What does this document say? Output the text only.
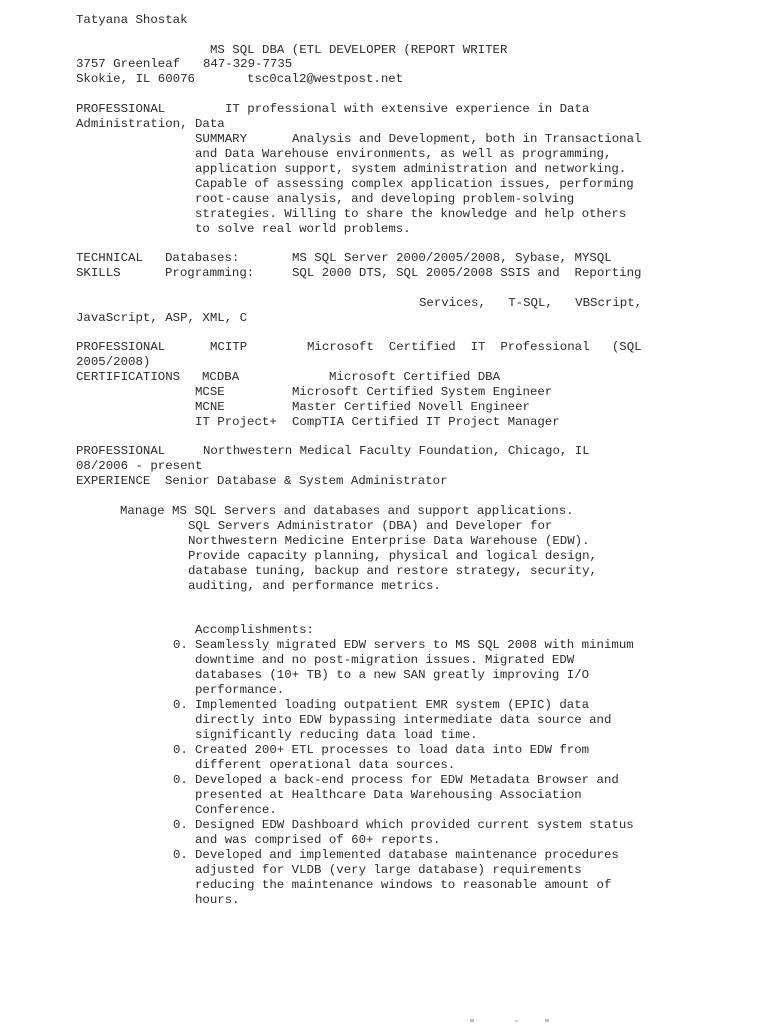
Tatyana Shostak
MS SQL DBA (ETL DEVELOPER (REPORT WRITER
3757 Greenleaf 847-329-7735
Skokie, IL 60076	tsc0cal2@westpost.net
PROFESSIONAL	IT professional with extensive experience in Data
Administration, Data
SUMMARY	Analysis and Development, both in Transactional
and Data Warehouse environments, as well as programming,
application support, system administration and networking.
Capable of assessing complex application issues, performing
root-cause analysis, and developing problem-solving
strategies. Willing to share the knowledge and help others
to solve real world problems.
TECHNICAL Databases:	MS SQL Server 2000/2005/2008, Sybase, MYSQL
SKILLS	Programming:	SQL 2000 DTS, SQL 2005/2008 SSIS and  Reporting
Services,   T-SQL,   VBScript,
JavaScript, ASP, XML, C
PROFESSIONAL	MCITP	Microsoft  Certified  IT  Professional   (SQL
2005/2008)
CERTIFICATIONS MCDBA	Microsoft Certified DBA
MCSE	Microsoft Certified System Engineer
MCNE	Master Certified Novell Engineer
IT Project+ CompTIA Certified IT Project Manager
PROFESSIONAL	Northwestern Medical Faculty Foundation, Chicago, IL
08/2006 - present
EXPERIENCE Senior Database & System Administrator
Manage MS SQL Servers and databases and support applications.
SQL Servers Administrator (DBA) and Developer for
Northwestern Medicine Enterprise Data Warehouse (EDW).
Provide capacity planning, physical and logical design,
database tuning, backup and restore strategy, security,
auditing, and performance metrics.
Accomplishments:
0. Seamlessly migrated EDW servers to MS SQL 2008 with minimum
downtime and no post-migration issues. Migrated EDW
databases (10+ TB) to a new SAN greatly improving I/O
performance.
0. Implemented loading outpatient EMR system (EPIC) data
directly into EDW bypassing intermediate data source and
significantly reducing data load time.
0. Created 200+ ETL processes to load data into EDW from
different operational data sources.
0. Developed a back-end process for EDW Metadata Browser and
presented at Healthcare Data Warehousing Association
Conference.
0. Designed EDW Dashboard which provided current system status
and was comprised of 60+ reports.
0. Developed and implemented database maintenance procedures
adjusted for VLDB (very large database) requirements
reducing the maintenance windows to reasonable amount of
hours.
